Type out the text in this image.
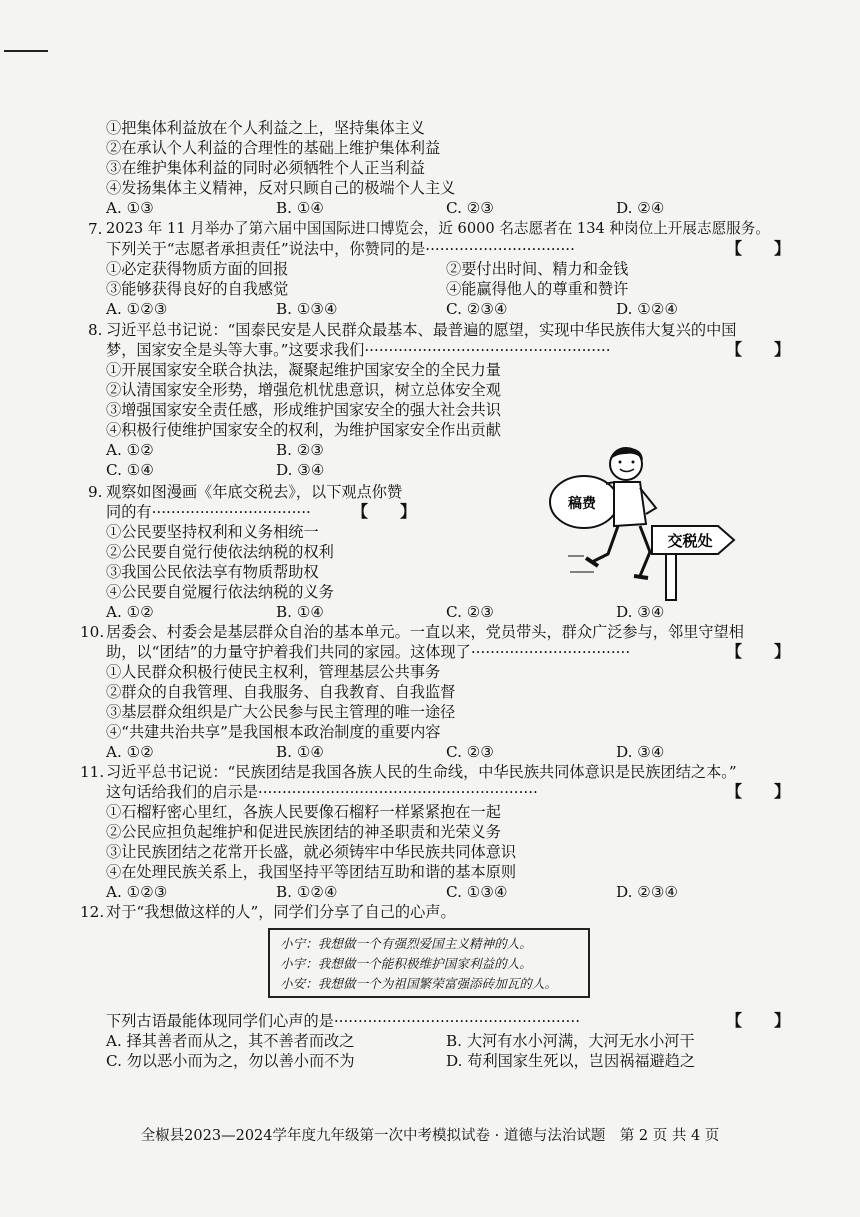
①把集体利益放在个人利益之上，坚持集体主义
②在承认个人利益的合理性的基础上维护集体利益
③在维护集体利益的同时必须牺牲个人正当利益
④发扬集体主义精神，反对只顾自己的极端个人主义
A. ①③	B. ①④	C. ②③	D. ②④
7. 2023 年 11 月举办了第六届中国国际进口博览会，近 6000 名志愿者在 134 种岗位上开展志愿服务。
下列关于“志愿者承担责任”说法中，你赞同的是·······························	【　　】
①必定获得物质方面的回报	②要付出时间、精力和金钱
③能够获得良好的自我感觉	④能赢得他人的尊重和赞许
A. ①②③	B. ①③④	C. ②③④	D. ①②④
8. 习近平总书记说：“国泰民安是人民群众最基本、最普遍的愿望，实现中华民族伟大复兴的中国
梦，国家安全是头等大事。”这要求我们···················································	【　　】
①开展国家安全联合执法，凝聚起维护国家安全的全民力量
②认清国家安全形势，增强危机忧患意识，树立总体安全观
③增强国家安全责任感，形成维护国家安全的强大社会共识
④积极行使维护国家安全的权利，为维护国家安全作出贡献
A. ①②	B. ②③
C. ①④	D. ③④
9. 观察如图漫画《年底交税去》，以下观点你赞
同的有·································	【　　】
①公民要坚持权利和义务相统一
②公民要自觉行使依法纳税的权利
③我国公民依法享有物质帮助权
④公民要自觉履行依法纳税的义务
A. ①②	B. ①④	C. ②③	D. ③④
稿费
交税处
10. 居委会、村委会是基层群众自治的基本单元。一直以来，党员带头，群众广泛参与，邻里守望相
助，以“团结”的力量守护着我们共同的家园。这体现了·································	【　　】
①人民群众积极行使民主权利，管理基层公共事务
②群众的自我管理、自我服务、自我教育、自我监督
③基层群众组织是广大公民参与民主管理的唯一途径
④“共建共治共享”是我国根本政治制度的重要内容
A. ①②	B. ①④	C. ②③	D. ③④
11. 习近平总书记说：“民族团结是我国各族人民的生命线，中华民族共同体意识是民族团结之本。”
这句话给我们的启示是··························································	【　　】
①石榴籽密心里红，各族人民要像石榴籽一样紧紧抱在一起
②公民应担负起维护和促进民族团结的神圣职责和光荣义务
③让民族团结之花常开长盛，就必须铸牢中华民族共同体意识
④在处理民族关系上，我国坚持平等团结互助和谐的基本原则
A. ①②③	B. ①②④	C. ①③④	D. ②③④
12. 对于“我想做这样的人”，同学们分享了自己的心声。
小宁：我想做一个有强烈爱国主义精神的人。
小宇：我想做一个能积极维护国家利益的人。
小安：我想做一个为祖国繁荣富强添砖加瓦的人。
下列古语最能体现同学们心声的是···················································	【　　】
A. 择其善者而从之，其不善者而改之	B. 大河有水小河满，大河无水小河干
C. 勿以恶小而为之，勿以善小而不为	D. 苟利国家生死以，岂因祸福避趋之
全椒县2023—2024学年度九年级第一次中考模拟试卷 · 道德与法治试题　第 2 页 共 4 页
